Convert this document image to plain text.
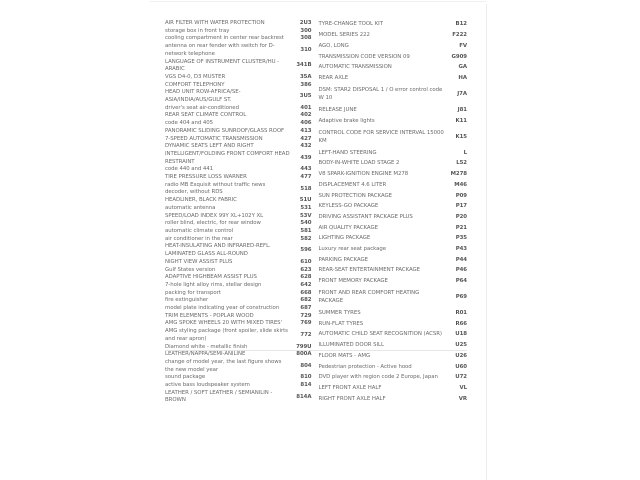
AIR FILTER WITH WATER PROTECTION	2U3
storage box in front tray	300
cooling compartment in center rear backrest	308
antenna on rear fender with switch for D-network telephone	310
LANGUAGE OF INSTRUMENT CLUSTER/HU - ARABIC	341B
VGS D4-0, D3 MUSTER	35A
COMFORT TELEPHONY	386
HEAD UNIT ROW-AFRICA/SE-ASIA/INDIA/AUS/GULF ST.	3U5
driver's seat air-conditioned	401
REAR SEAT CLIMATE CONTROL	402
code 404 and 405	406
PANORAMIC SLIDING SUNROOF/GLASS ROOF	413
7-SPEED AUTOMATIC TRANSMISSION	427
DYNAMIC SEATS LEFT AND RIGHT	432
INTELLIGENT/FOLDING FRONT COMFORT HEAD RESTRAINT	439
code 440 and 441	443
TIRE PRESSURE LOSS WARNER	477
radio MB Exquisit without traffic news decoder, without RDS	518
HEADLINER, BLACK FABRIC	51U
automatic antenna	531
SPEED/LOAD INDEX 99Y XL+102Y XL	53V
roller blind, electric, for rear window	540
automatic climate control	581
air conditioner in the rear	582
HEAT-INSULATING AND INFRARED-REFL. LAMINATED GLASS ALL-ROUND	596
NIGHT VIEW ASSIST PLUS	610
Gulf States version	623
ADAPTIVE HIGHBEAM ASSIST PLUS	628
7-hole light alloy rims, stellar design	642
packing for transport	668
fire extinguisher	682
model plate indicating year of construction	687
TRIM ELEMENTS - POPLAR WOOD	729
AMG SPOKE WHEELS 20 WITH MIXED TIRES'	769
AMG styling package (front spoiler, slide skirts and rear apron)	772
Diamond white - metallic finish	799U
LEATHER/NAPPA/SEMI-ANILINE	800A
change of model year, the last figure shows the new model year	804
sound package	810
active bass loudspeaker system	814
LEATHER / SOFT LEATHER / SEMIANILIN - BROWN	814A
TYRE-CHANGE TOOL KIT	B12
MODEL SERIES 222	F222
AGO, LONG	FV
TRANSMISSION CODE VERSION 09	G909
AUTOMATIC TRANSMISSION	GA
REAR AXLE	HA
DSM: STAR2 DISPOSAL 1 / O error control code W 10	J7A
RELEASE JUNE	J81
Adaptive brake lights	K11
CONTROL CODE FOR SERVICE INTERVAL 15000 KM	K15
LEFT-HAND STEERING	L
BODY-IN-WHITE LOAD STAGE 2	L52
V8 SPARK-IGNITION ENGINE M278	M278
DISPLACEMENT 4.6 LITER	M46
SUN PROTECTION PACKAGE	P09
KEYLESS-GO PACKAGE	P17
DRIVING ASSISTANT PACKAGE PLUS	P20
AIR QUALITY PACKAGE	P21
LIGHTING PACKAGE	P35
Luxury rear seat package	P43
PARKING PACKAGE	P44
REAR-SEAT ENTERTAINMENT PACKAGE	P46
FRONT MEMORY PACKAGE	P64
FRONT AND REAR COMFORT HEATING PACKAGE	P69
SUMMER TYRES	R01
RUN-FLAT TYRES	R66
AUTOMATIC CHILD SEAT RECOGNITION (ACSR)	U18
ILLUMINATED DOOR SILL	U25
FLOOR MATS - AMG	U26
Pedestrian protection - Active hood	U60
DVD player with region code 2 Europe, Japan	U72
LEFT FRONT AXLE HALF	VL
RIGHT FRONT AXLE HALF	VR
